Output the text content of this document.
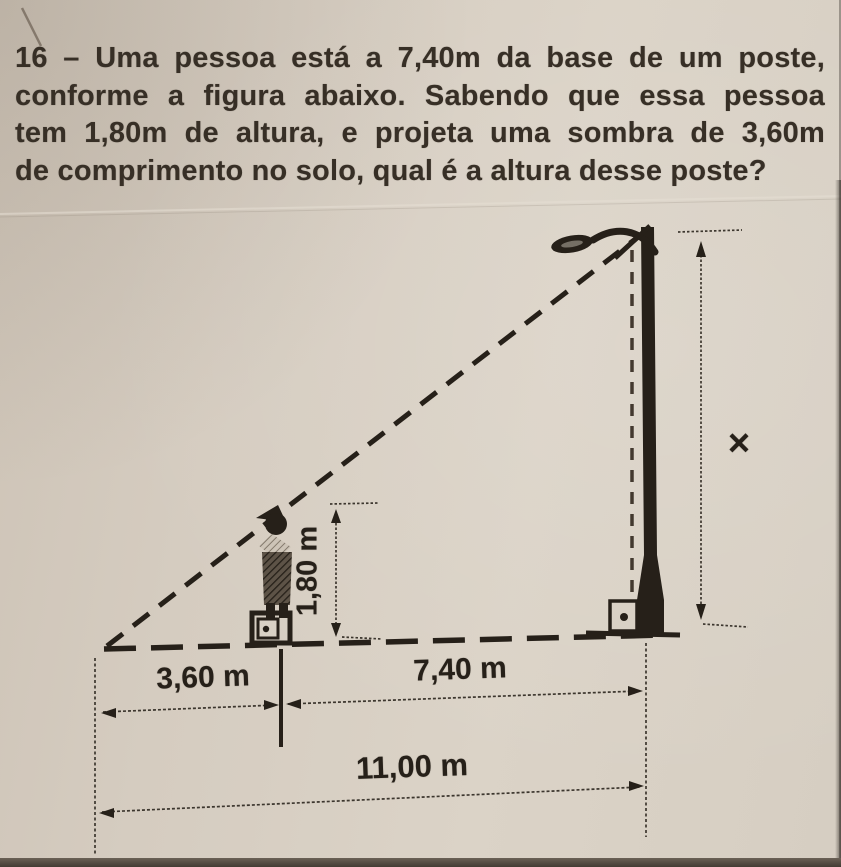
16 – Uma pessoa está a 7,40m da base de um poste,
conforme a figura abaixo. Sabendo que essa pessoa
tem 1,80m de altura, e projeta uma sombra de 3,60m
de comprimento no solo, qual é a altura desse poste?
1,80 m
3,60 m	7,40 m
11,00 m
×
